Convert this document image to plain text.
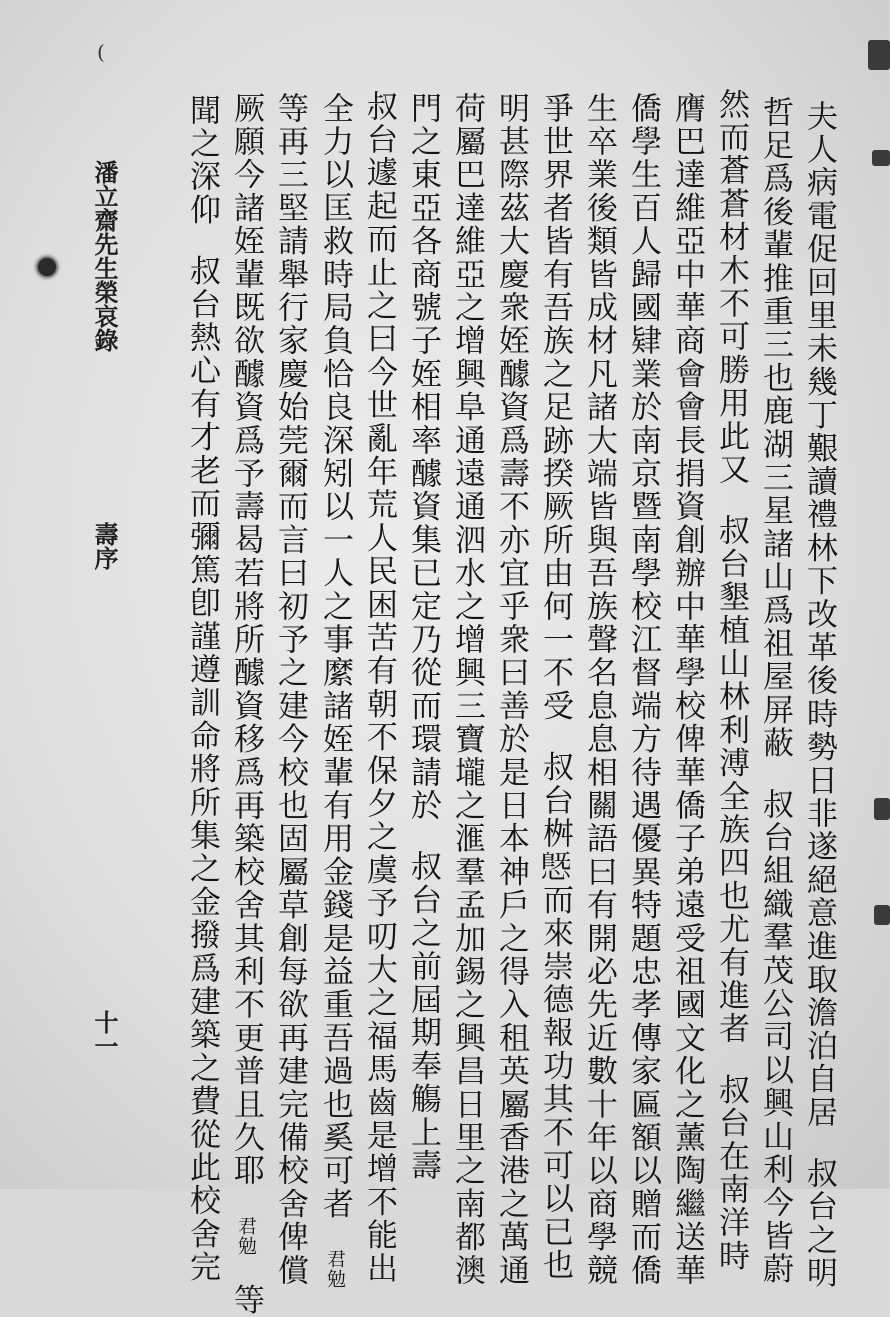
(
潘立齋先生榮哀錄
壽序
十一	夫人病電促回里未幾丁艱讀禮林下改革後時勢日非遂絕意進取澹泊自居叔台之明
哲足爲後輩推重三也鹿湖三星諸山爲祖屋屏蔽叔台組織羣茂公司以興山利今皆蔚
然而蒼蒼材木不可勝用此又叔台墾植山林利溥全族四也尤有進者叔台在南洋時
膺巴達維亞中華商會會長捐資創辦中華學校俾華僑子弟遠受祖國文化之薰陶繼送華
僑學生百人歸國肄業於南京暨南學校江督端方待遇優異特題忠孝傳家匾額以贈而僑
生卒業後類皆成材凡諸大端皆與吾族聲名息息相關語曰有開必先近數十年以商學競
爭世界者皆有吾族之足跡揆厥所由何一不受叔台桝𢟪而來崇德報功其不可以已也
明甚際茲大慶衆姪醵資爲壽不亦宜乎衆曰善於是日本神戶之得入租英屬香港之萬通
荷屬巴達維亞之增興阜通遠通泗水之增興三寶壠之滙羣孟加錫之興昌日里之南都澳
門之東亞各商號子姪相率醵資集已定乃從而環請於叔台之前屆期奉觴上壽
叔台遽起而止之曰今世亂年荒人民困苦有朝不保夕之虞予叨大之福馬齒是增不能出
全力以匡救時局負恰良深矧以一人之事縻諸姪輩有用金錢是益重吾過也奚可者君勉
等再三堅請舉行家慶始莞爾而言曰初予之建今校也固屬草創每欲再建完備校舍俾償
厥願今諸姪輩既欲醵資爲予壽曷若將所醵資移爲再築校舍其利不更普且久耶君勉等
聞之深仰叔台熱心有才老而彌篤卽謹遵訓命將所集之金撥爲建築之費從此校舍完
